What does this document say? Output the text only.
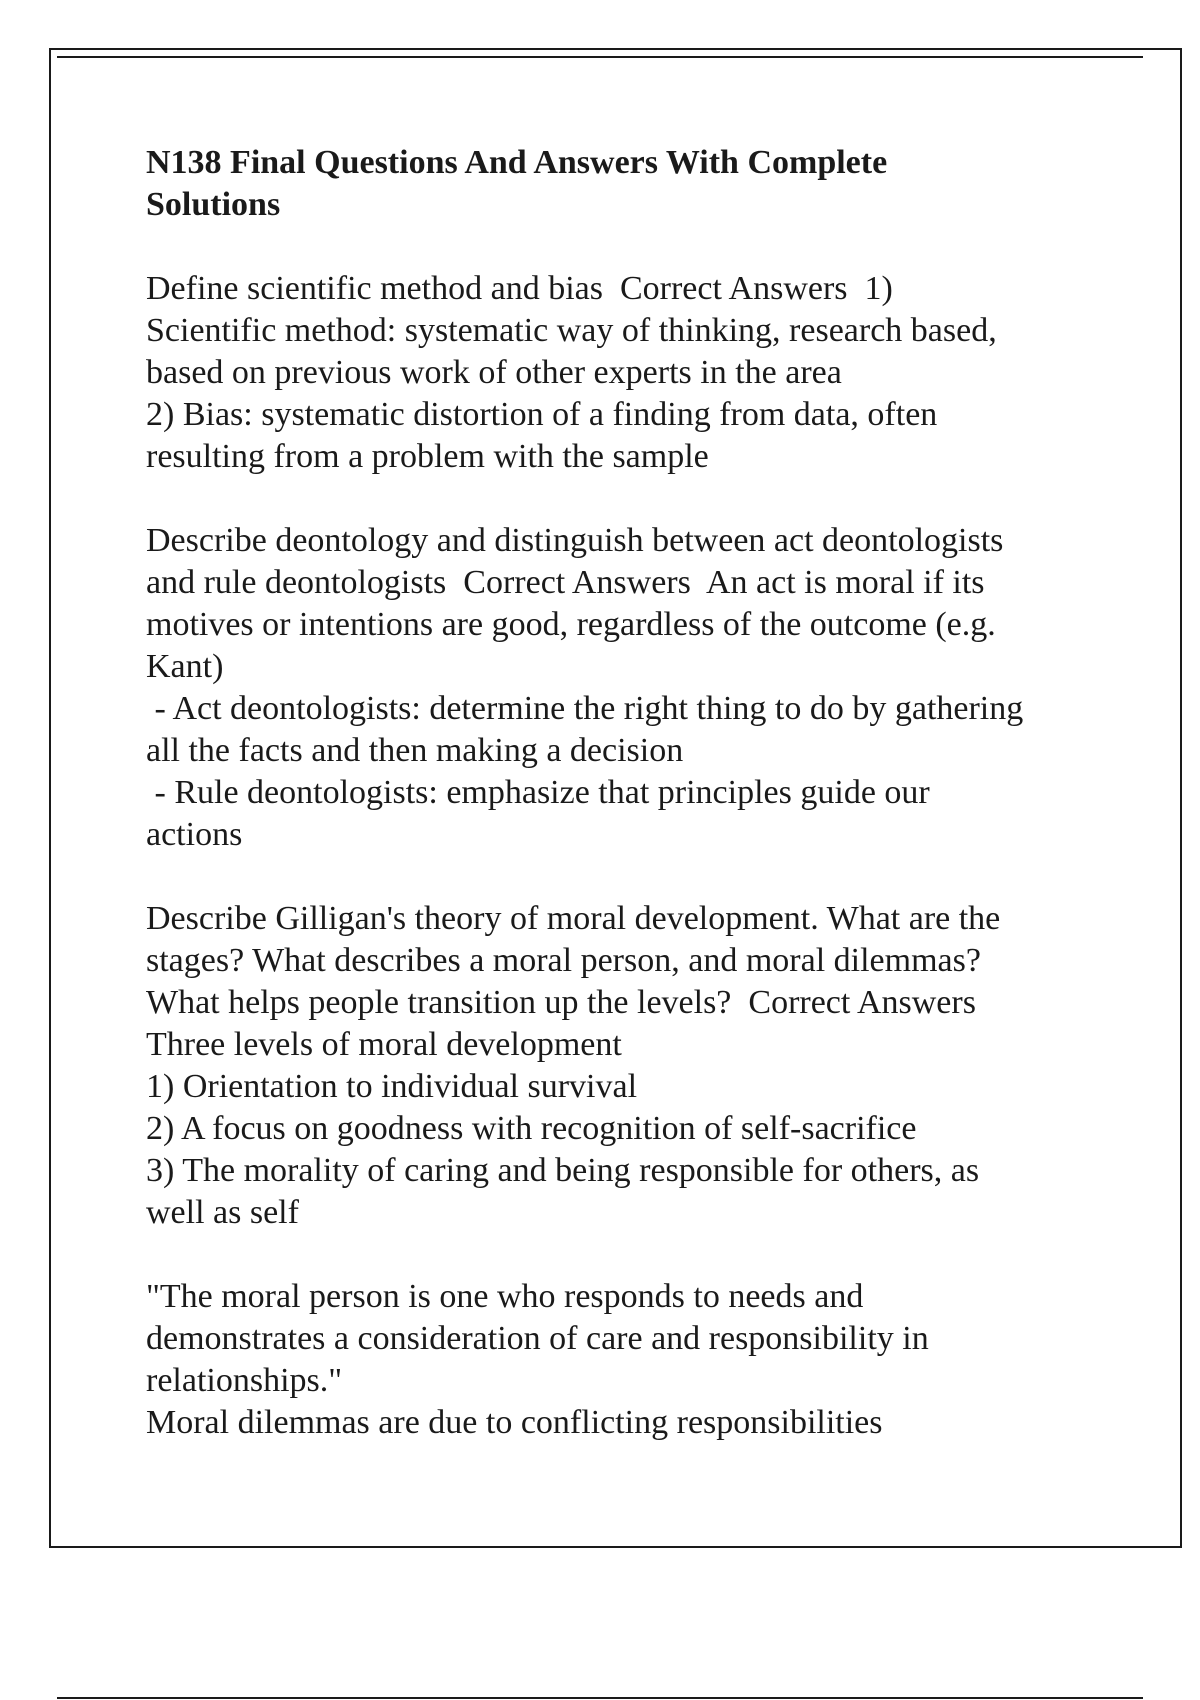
N138 Final Questions And Answers With Complete Solutions
Define scientific method and bias  Correct Answers  1)
Scientific method: systematic way of thinking, research based,
based on previous work of other experts in the area
2) Bias: systematic distortion of a finding from data, often
resulting from a problem with the sample
Describe deontology and distinguish between act deontologists
and rule deontologists  Correct Answers  An act is moral if its
motives or intentions are good, regardless of the outcome (e.g.
Kant)
- Act deontologists: determine the right thing to do by gathering
all the facts and then making a decision
- Rule deontologists: emphasize that principles guide our
actions
Describe Gilligan's theory of moral development. What are the
stages? What describes a moral person, and moral dilemmas?
What helps people transition up the levels?  Correct Answers
Three levels of moral development
1) Orientation to individual survival
2) A focus on goodness with recognition of self-sacrifice
3) The morality of caring and being responsible for others, as
well as self
"The moral person is one who responds to needs and
demonstrates a consideration of care and responsibility in
relationships."
Moral dilemmas are due to conflicting responsibilities
